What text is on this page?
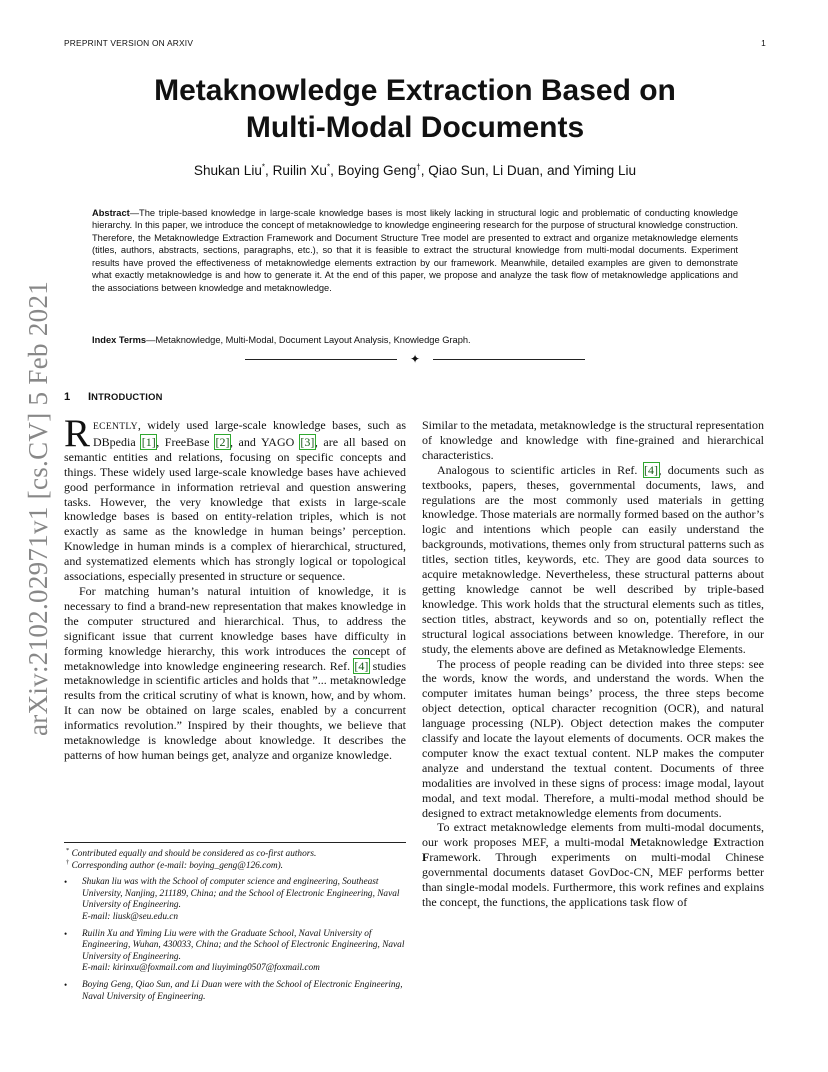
PREPRINT VERSION ON ARXIV	1
arXiv:2102.02971v1 [cs.CV] 5 Feb 2021
Metaknowledge Extraction Based on
Multi-Modal Documents
Shukan Liu*, Ruilin Xu*, Boying Geng†, Qiao Sun, Li Duan, and Yiming Liu
Abstract—The triple-based knowledge in large-scale knowledge bases is most likely lacking in structural logic and problematic of conducting knowledge hierarchy. In this paper, we introduce the concept of metaknowledge to knowledge engineering research for the purpose of structural knowledge construction. Therefore, the Metaknowledge Extraction Framework and Document Structure Tree model are presented to extract and organize metaknowledge elements (titles, authors, abstracts, sections, paragraphs, etc.), so that it is feasible to extract the structural knowledge from multi-modal documents. Experiment results have proved the effectiveness of metaknowledge elements extraction by our framework. Meanwhile, detailed examples are given to demonstrate what exactly metaknowledge is and how to generate it. At the end of this paper, we propose and analyze the task flow of metaknowledge applications and the associations between knowledge and metaknowledge.
Index Terms—Metaknowledge, Multi-Modal, Document Layout Analysis, Knowledge Graph.
✦
1 INTRODUCTION

RECENTLY, widely used large-scale knowledge bases, such as DBpedia [1], FreeBase [2], and YAGO [3], are all based on semantic entities and relations, focusing on specific concepts and things. These widely used large-scale knowledge bases have achieved good performance in information retrieval and question answering tasks. However, the very knowledge that exists in large-scale knowledge bases is based on entity-relation triples, which is not exactly as same as the knowledge in human beings’ perception. Knowledge in human minds is a complex of hierarchical, structured, and systematized elements which has strongly logical or topological associations, especially presented in structure or sequence.

For matching human’s natural intuition of knowledge, it is necessary to find a brand-new representation that makes knowledge in the computer structured and hierarchical. Thus, to address the significant issue that current knowledge bases have difficulty in forming knowledge hierarchy, this work introduces the concept of metaknowledge into knowledge engineering research. Ref. [4] studies metaknowledge in scientific articles and holds that ”... metaknowledge results from the critical scrutiny of what is known, how, and by whom. It can now be obtained on large scales, enabled by a concurrent informatics revolution.” Inspired by their thoughts, we believe that metaknowledge is knowledge about knowledge. It describes the patterns of how human beings get, analyze and organize knowledge.

* Contributed equally and should be considered as co-first authors.
† Corresponding author (e-mail: boying_geng@126.com).
• Shukan liu was with the School of computer science and engineering, Southeast University, Nanjing, 211189, China; and the School of Electronic Engineering, Naval University of Engineering.
E-mail: liusk@seu.edu.cn
• Ruilin Xu and Yiming Liu were with the Graduate School, Naval University of Engineering, Wuhan, 430033, China; and the School of Electronic Engineering, Naval University of Engineering.
E-mail: kirinxu@foxmail.com and liuyiming0507@foxmail.com
• Boying Geng, Qiao Sun, and Li Duan were with the School of Electronic Engineering, Naval University of Engineering.

Similar to the metadata, metaknowledge is the structural representation of knowledge and knowledge with fine-grained and hierarchical characteristics.

Analogous to scientific articles in Ref. [4], documents such as textbooks, papers, theses, governmental documents, laws, and regulations are the most commonly used materials in getting knowledge. Those materials are normally formed based on the author’s logic and intentions which people can easily understand the backgrounds, motivations, themes only from structural patterns such as titles, section titles, keywords, etc. They are good data sources to acquire metaknowledge. Nevertheless, these structural patterns about getting knowledge cannot be well described by triple-based knowledge. This work holds that the structural elements such as titles, section titles, abstract, keywords and so on, potentially reflect the structural logical associations between knowledge. Therefore, in our study, the elements above are defined as Metaknowledge Elements.

The process of people reading can be divided into three steps: see the words, know the words, and understand the words. When the computer imitates human beings’ process, the three steps become object detection, optical character recognition (OCR), and natural language processing (NLP). Object detection makes the computer classify and locate the layout elements of documents. OCR makes the computer know the exact textual content. NLP makes the computer analyze and understand the textual content. Documents of three modalities are involved in these signs of process: image modal, layout modal, and text modal. Therefore, a multi-modal method should be designed to extract metaknowledge elements from documents.

To extract metaknowledge elements from multi-modal documents, our work proposes MEF, a multi-modal Metaknowledge Extraction Framework. Through experiments on multi-modal Chinese governmental documents dataset GovDoc-CN, MEF performs better than single-modal models. Furthermore, this work refines and explains the concept, the functions, the applications task flow of
